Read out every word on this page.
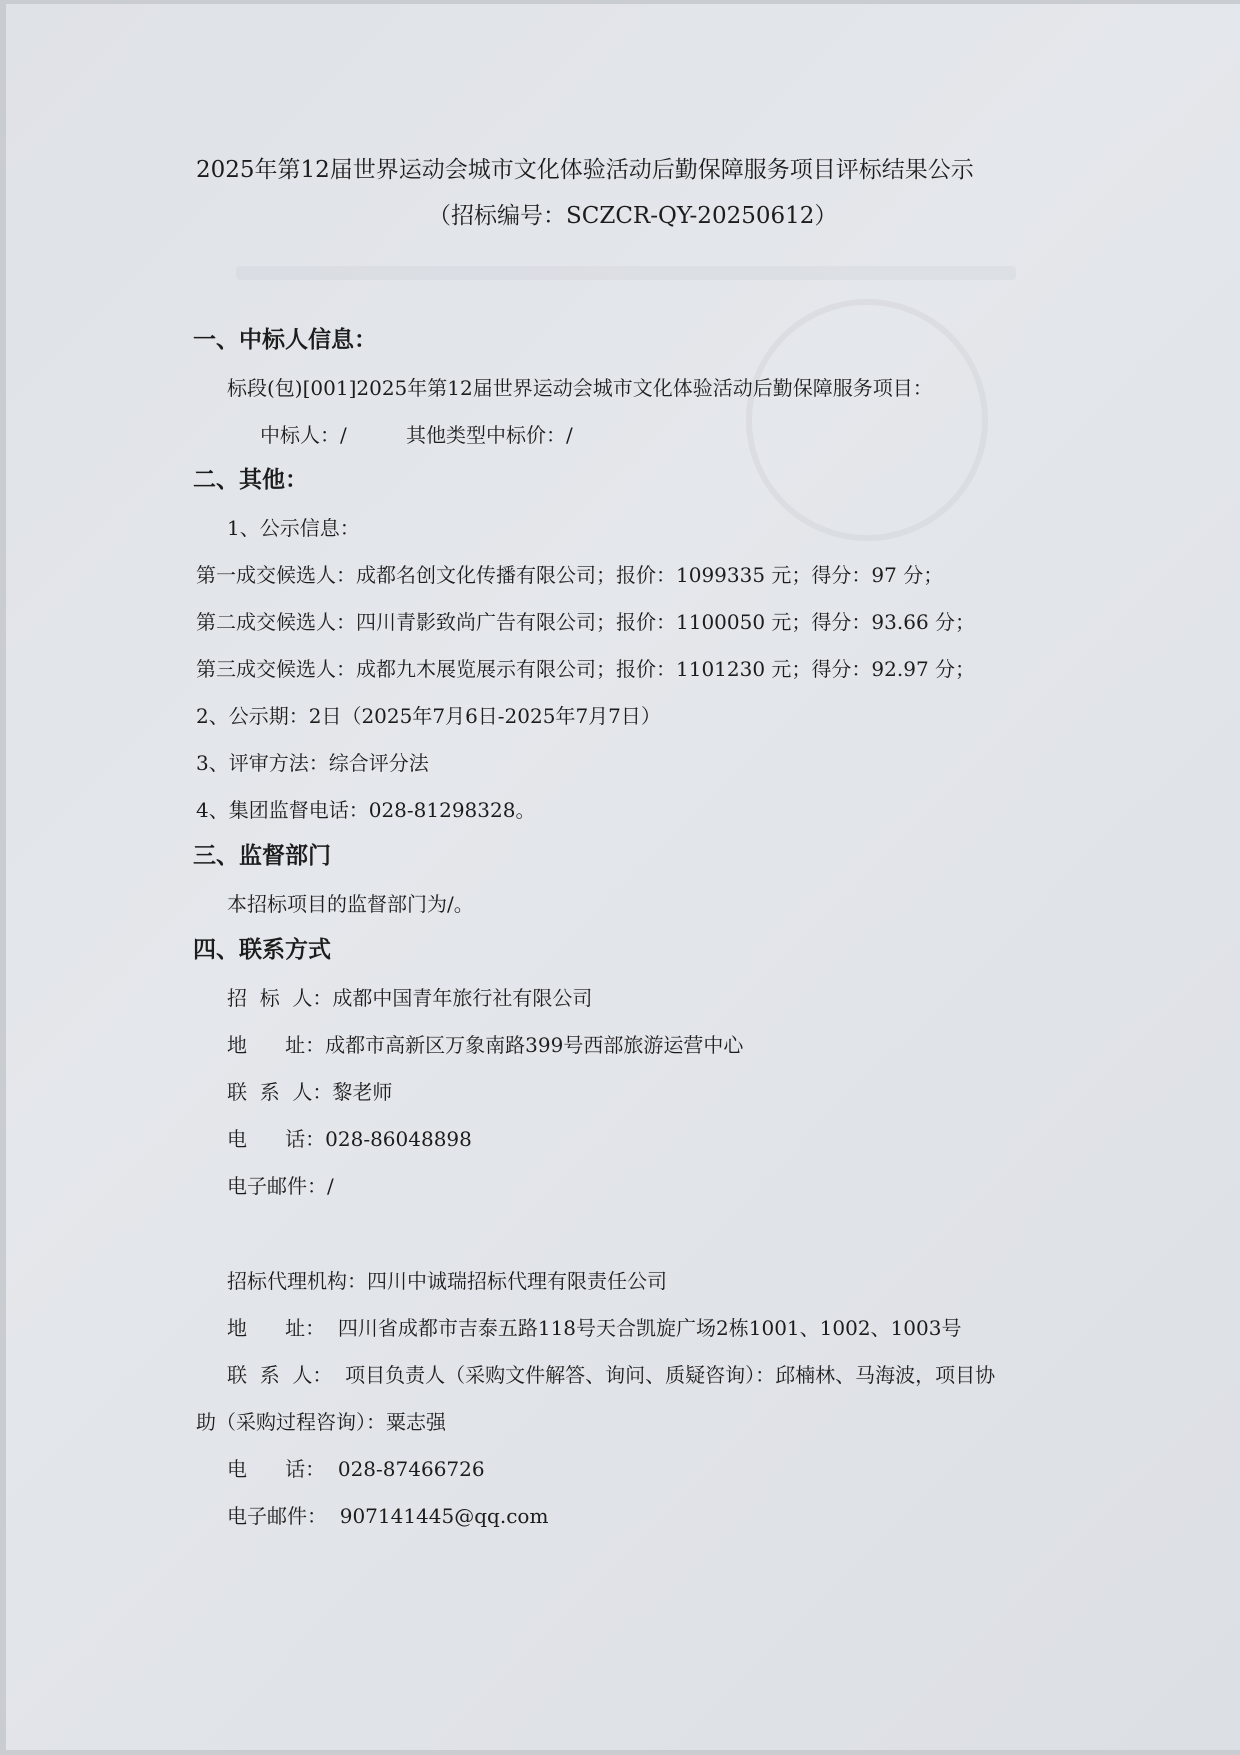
2025年第12届世界运动会城市文化体验活动后勤保障服务项目评标结果公示
（招标编号：SCZCR-QY-20250612）
一、中标人信息：
标段(包)[001]2025年第12届世界运动会城市文化体验活动后勤保障服务项目：
中标人：/	其他类型中标价：/
二、其他：
1、公示信息：
第一成交候选人：成都名创文化传播有限公司；报价：1099335 元；得分：97 分；
第二成交候选人：四川青影致尚广告有限公司；报价：1100050 元；得分：93.66 分；
第三成交候选人：成都九木展览展示有限公司；报价：1101230 元；得分：92.97 分；
2、公示期：2日（2025年7月6日-2025年7月7日）
3、评审方法：综合评分法
4、集团监督电话：028-81298328。
三、监督部门
本招标项目的监督部门为/。
四、联系方式
招  标  人：成都中国青年旅行社有限公司
地      址：成都市高新区万象南路399号西部旅游运营中心
联  系  人：黎老师
电      话：028-86048898
电子邮件：/
招标代理机构：四川中诚瑞招标代理有限责任公司
地      址：  四川省成都市吉泰五路118号天合凯旋广场2栋1001、1002、1003号
联  系  人：  项目负责人（采购文件解答、询问、质疑咨询）：邱楠林、马海波，项目协
助（采购过程咨询）：粟志强
电      话：  028-87466726
电子邮件：  907141445@qq.com
